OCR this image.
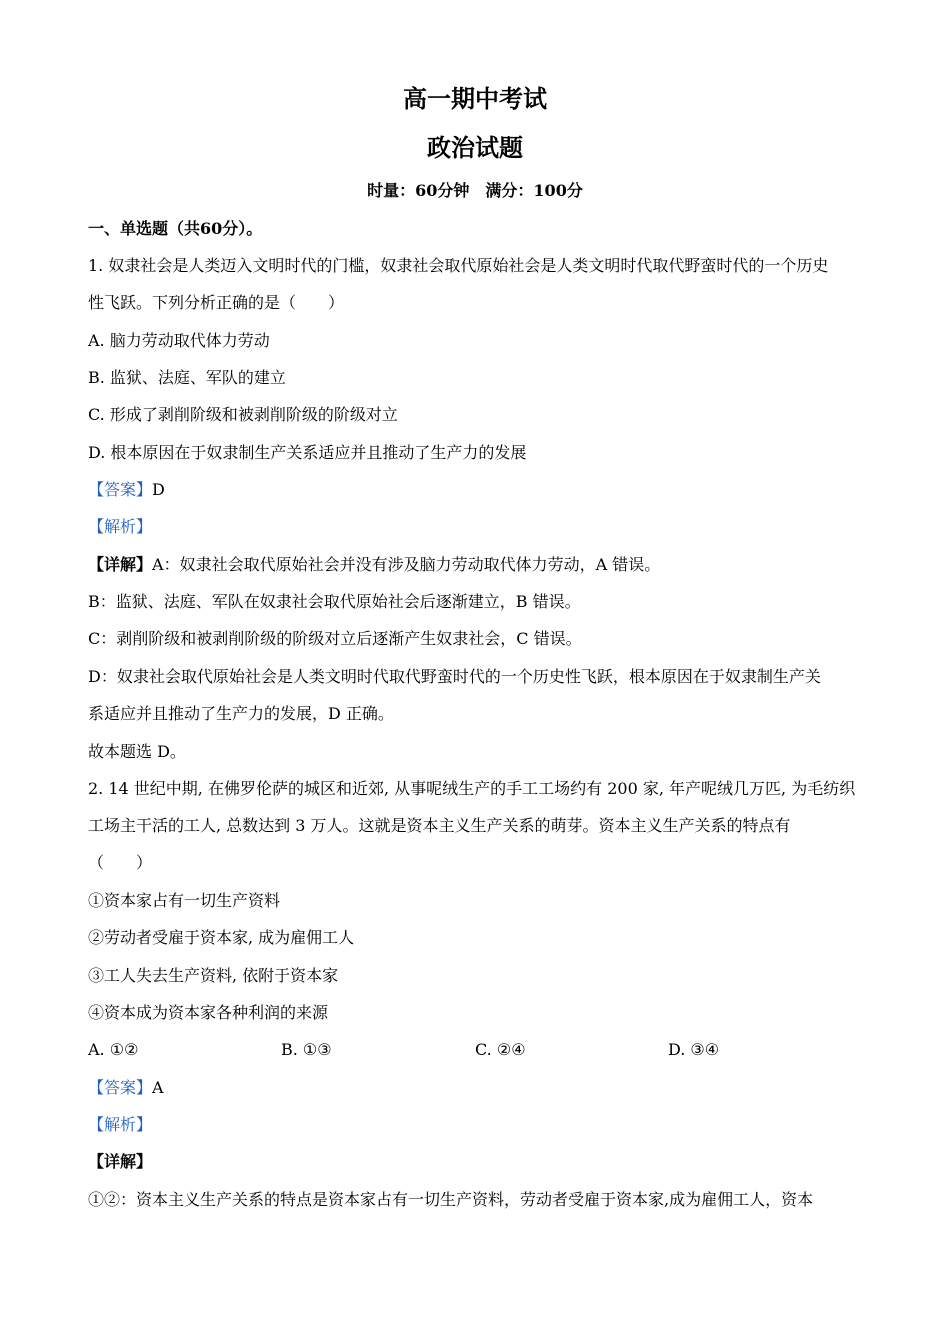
高一期中考试
政治试题
时量：60分钟　满分：100分
一、单选题（共60分）。
1. 奴隶社会是人类迈入文明时代的门槛，奴隶社会取代原始社会是人类文明时代取代野蛮时代的一个历史
性飞跃。下列分析正确的是（　　）
A. 脑力劳动取代体力劳动
B. 监狱、法庭、军队的建立
C. 形成了剥削阶级和被剥削阶级的阶级对立
D. 根本原因在于奴隶制生产关系适应并且推动了生产力的发展
【答案】D
【解析】
【详解】A：奴隶社会取代原始社会并没有涉及脑力劳动取代体力劳动，A 错误。
B：监狱、法庭、军队在奴隶社会取代原始社会后逐渐建立，B 错误。
C：剥削阶级和被剥削阶级的阶级对立后逐渐产生奴隶社会，C 错误。
D：奴隶社会取代原始社会是人类文明时代取代野蛮时代的一个历史性飞跃，根本原因在于奴隶制生产关
系适应并且推动了生产力的发展，D 正确。
故本题选 D。
2. 14 世纪中期, 在佛罗伦萨的城区和近郊, 从事呢绒生产的手工工场约有 200 家, 年产呢绒几万匹, 为毛纺织
工场主干活的工人, 总数达到 3 万人。这就是资本主义生产关系的萌芽。资本主义生产关系的特点有
（　　）
①资本家占有一切生产资料
②劳动者受雇于资本家, 成为雇佣工人
③工人失去生产资料, 依附于资本家
④资本成为资本家各种利润的来源
A. ①②	B. ①③	C. ②④	D. ③④
【答案】A
【解析】
【详解】
①②：资本主义生产关系的特点是资本家占有一切生产资料，劳动者受雇于资本家,成为雇佣工人，资本
